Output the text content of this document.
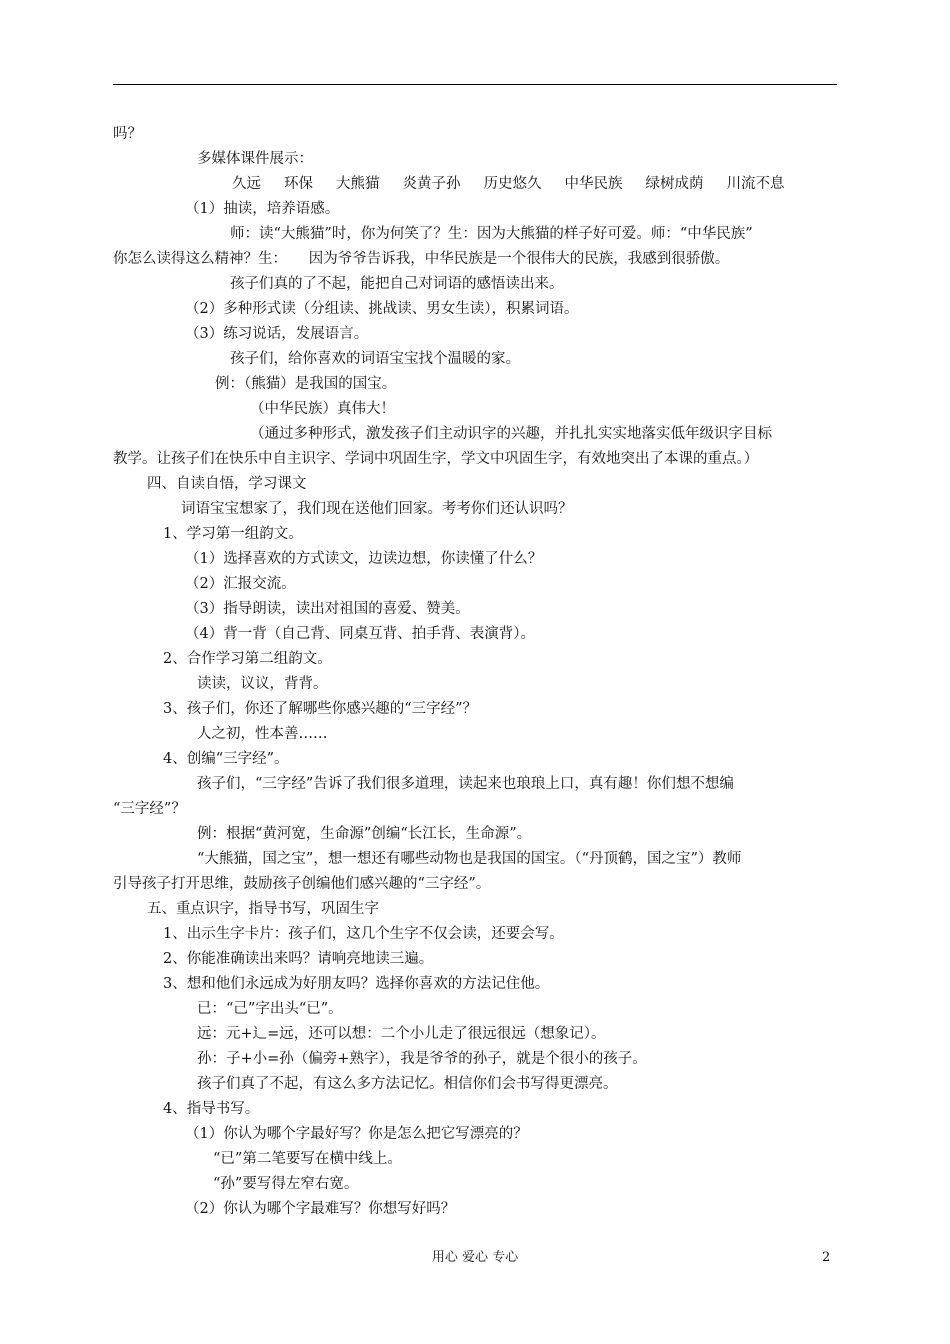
吗？
多媒体课件展示：
久远 环保 大熊猫 炎黄子孙 历史悠久 中华民族 绿树成荫 川流不息
（1）抽读，培养语感。
师：读“大熊猫”时，你为何笑了？生：因为大熊猫的样子好可爱。师：“中华民族”
你怎么读得这么精神？生：　　因为爷爷告诉我，中华民族是一个很伟大的民族，我感到很骄傲。
孩子们真的了不起，能把自己对词语的感悟读出来。
（2）多种形式读（分组读、挑战读、男女生读），积累词语。
（3）练习说话，发展语言。
孩子们，给你喜欢的词语宝宝找个温暖的家。
例：（熊猫）是我国的国宝。
（中华民族）真伟大！
（通过多种形式，激发孩子们主动识字的兴趣，并扎扎实实地落实低年级识字目标
教学。让孩子们在快乐中自主识字、学词中巩固生字，学文中巩固生字，有效地突出了本课的重点。）
四、自读自悟，学习课文
词语宝宝想家了，我们现在送他们回家。考考你们还认识吗？
1、学习第一组韵文。
（1）选择喜欢的方式读文，边读边想，你读懂了什么？
（2）汇报交流。
（3）指导朗读，读出对祖国的喜爱、赞美。
（4）背一背（自己背、同桌互背、拍手背、表演背）。
2、合作学习第二组韵文。
读读，议议，背背。
3、孩子们，你还了解哪些你感兴趣的“三字经”？
人之初，性本善……
4、创编“三字经”。
孩子们，“三字经”告诉了我们很多道理，读起来也琅琅上口，真有趣！你们想不想编
“三字经”？
例：根据“黄河宽，生命源”创编“长江长，生命源”。
“大熊猫，国之宝”，想一想还有哪些动物也是我国的国宝。（“丹顶鹤，国之宝”）教师
引导孩子打开思维，鼓励孩子创编他们感兴趣的“三字经”。
五、重点识字，指导书写，巩固生字
1、出示生字卡片：孩子们，这几个生字不仅会读，还要会写。
2、你能准确读出来吗？请响亮地读三遍。
3、想和他们永远成为好朋友吗？选择你喜欢的方法记住他。
已：“己”字出头“已”。
远：元+辶=远，还可以想：二个小儿走了很远很远（想象记）。
孙：子+小=孙（偏旁+熟字），我是爷爷的孙子，就是个很小的孩子。
孩子们真了不起，有这么多方法记忆。相信你们会书写得更漂亮。
4、指导书写。
（1）你认为哪个字最好写？你是怎么把它写漂亮的？
“已”第二笔要写在横中线上。
“孙”要写得左窄右宽。
（2）你认为哪个字最难写？你想写好吗？
用心 爱心 专心	2
